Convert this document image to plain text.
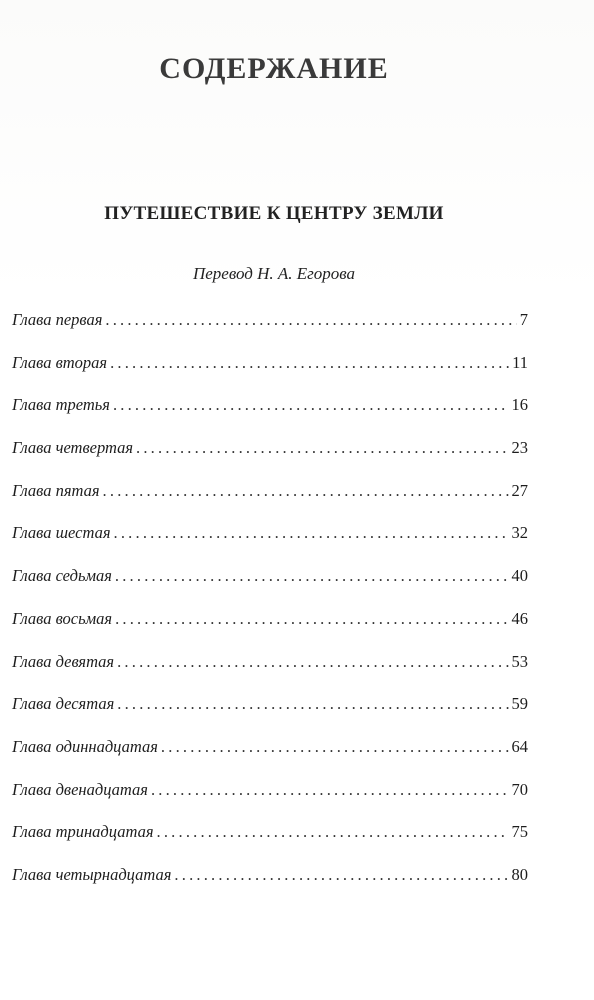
СОДЕРЖАНИЕ
ПУТЕШЕСТВИЕ К ЦЕНТРУ ЗЕМЛИ
Перевод Н. А. Егорова
Глава первая .....	7
Глава вторая .....	11
Глава третья .....	16
Глава четвертая .....	23
Глава пятая .....	27
Глава шестая .....	32
Глава седьмая .....	40
Глава восьмая .....	46
Глава девятая .....	53
Глава десятая .....	59
Глава одиннадцатая .....	64
Глава двенадцатая .....	70
Глава тринадцатая .....	75
Глава четырнадцатая .....	80
